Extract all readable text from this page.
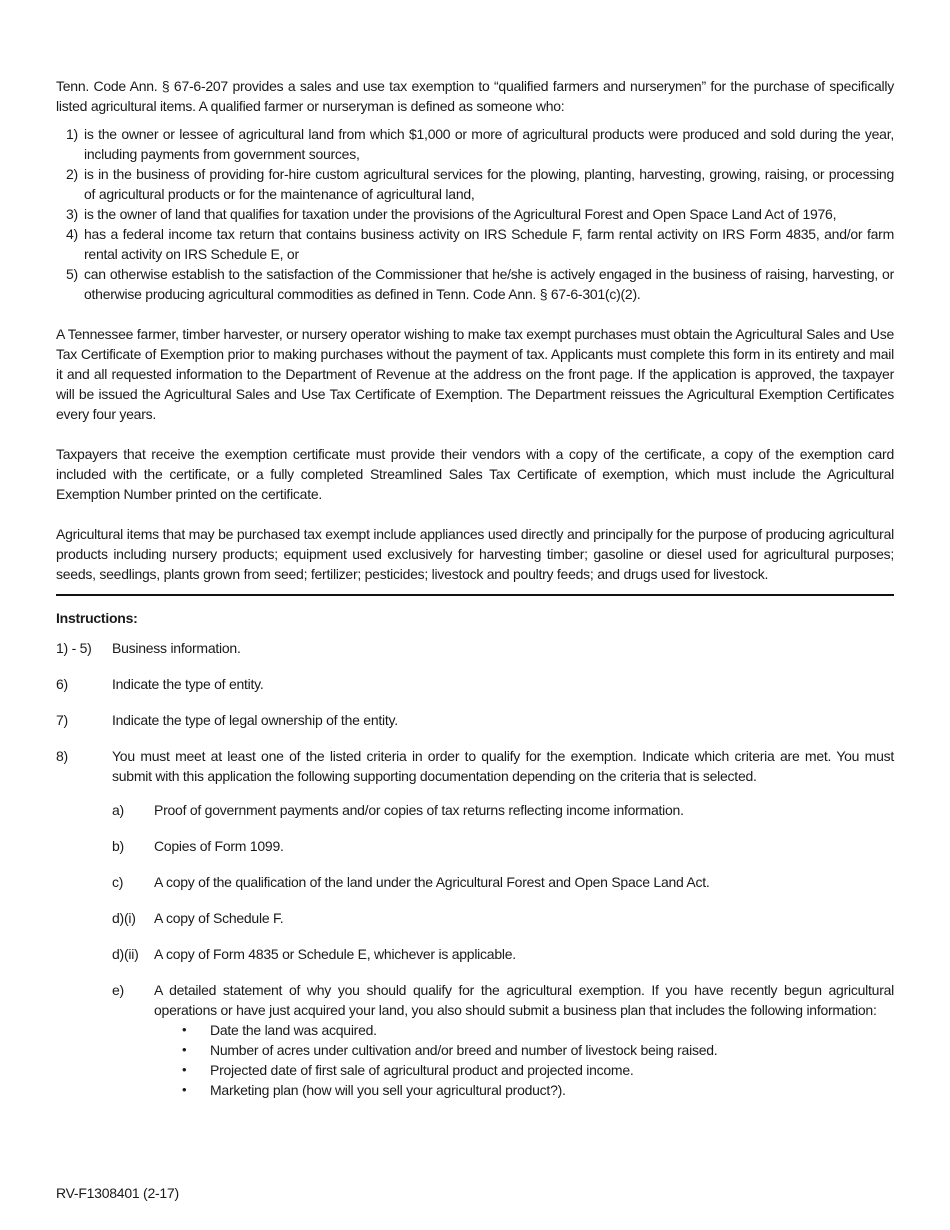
Tenn. Code Ann. § 67-6-207 provides a sales and use tax exemption to “qualified farmers and nurserymen” for the purchase of specifically listed agricultural items. A qualified farmer or nurseryman is defined as someone who:

1) is the owner or lessee of agricultural land from which $1,000 or more of agricultural products were produced and sold during the year, including payments from government sources,
2) is in the business of providing for-hire custom agricultural services for the plowing, planting, harvesting, growing, raising, or processing of agricultural products or for the maintenance of agricultural land,
3) is the owner of land that qualifies for taxation under the provisions of the Agricultural Forest and Open Space Land Act of 1976,
4) has a federal income tax return that contains business activity on IRS Schedule F, farm rental activity on IRS Form 4835, and/or farm rental activity on IRS Schedule E, or
5) can otherwise establish to the satisfaction of the Commissioner that he/she is actively engaged in the business of raising, harvesting, or otherwise producing agricultural commodities as defined in Tenn. Code Ann. § 67-6-301(c)(2).

A Tennessee farmer, timber harvester, or nursery operator wishing to make tax exempt purchases must obtain the Agricultural Sales and Use Tax Certificate of Exemption prior to making purchases without the payment of tax. Applicants must complete this form in its entirety and mail it and all requested information to the Department of Revenue at the address on the front page. If the application is approved, the taxpayer will be issued the Agricultural Sales and Use Tax Certificate of Exemption. The Department reissues the Agricultural Exemption Certificates every four years.

Taxpayers that receive the exemption certificate must provide their vendors with a copy of the certificate, a copy of the exemption card included with the certificate, or a fully completed Streamlined Sales Tax Certificate of exemption, which must include the Agricultural Exemption Number printed on the certificate.

Agricultural items that may be purchased tax exempt include appliances used directly and principally for the purpose of producing agricultural products including nursery products; equipment used exclusively for harvesting timber; gasoline or diesel used for agricultural purposes; seeds, seedlings, plants grown from seed; fertilizer; pesticides; livestock and poultry feeds; and drugs used for livestock.

Instructions:
1) - 5) Business information.
6)	Indicate the type of entity.
7)	Indicate the type of legal ownership of the entity.
8)	You must meet at least one of the listed criteria in order to qualify for the exemption. Indicate which criteria are met. You must submit with this application the following supporting documentation depending on the criteria that is selected.
a) Proof of government payments and/or copies of tax returns reflecting income information.
b) Copies of Form 1099.
c) A copy of the qualification of the land under the Agricultural Forest and Open Space Land Act.
d)(i) A copy of Schedule F.
d)(ii) A copy of Form 4835 or Schedule E, whichever is applicable.
e) A detailed statement of why you should qualify for the agricultural exemption. If you have recently begun agricultural operations or have just acquired your land, you also should submit a business plan that includes the following information:
• Date the land was acquired.
• Number of acres under cultivation and/or breed and number of livestock being raised.
• Projected date of first sale of agricultural product and projected income.
• Marketing plan (how will you sell your agricultural product?).
RV-F1308401 (2-17)
